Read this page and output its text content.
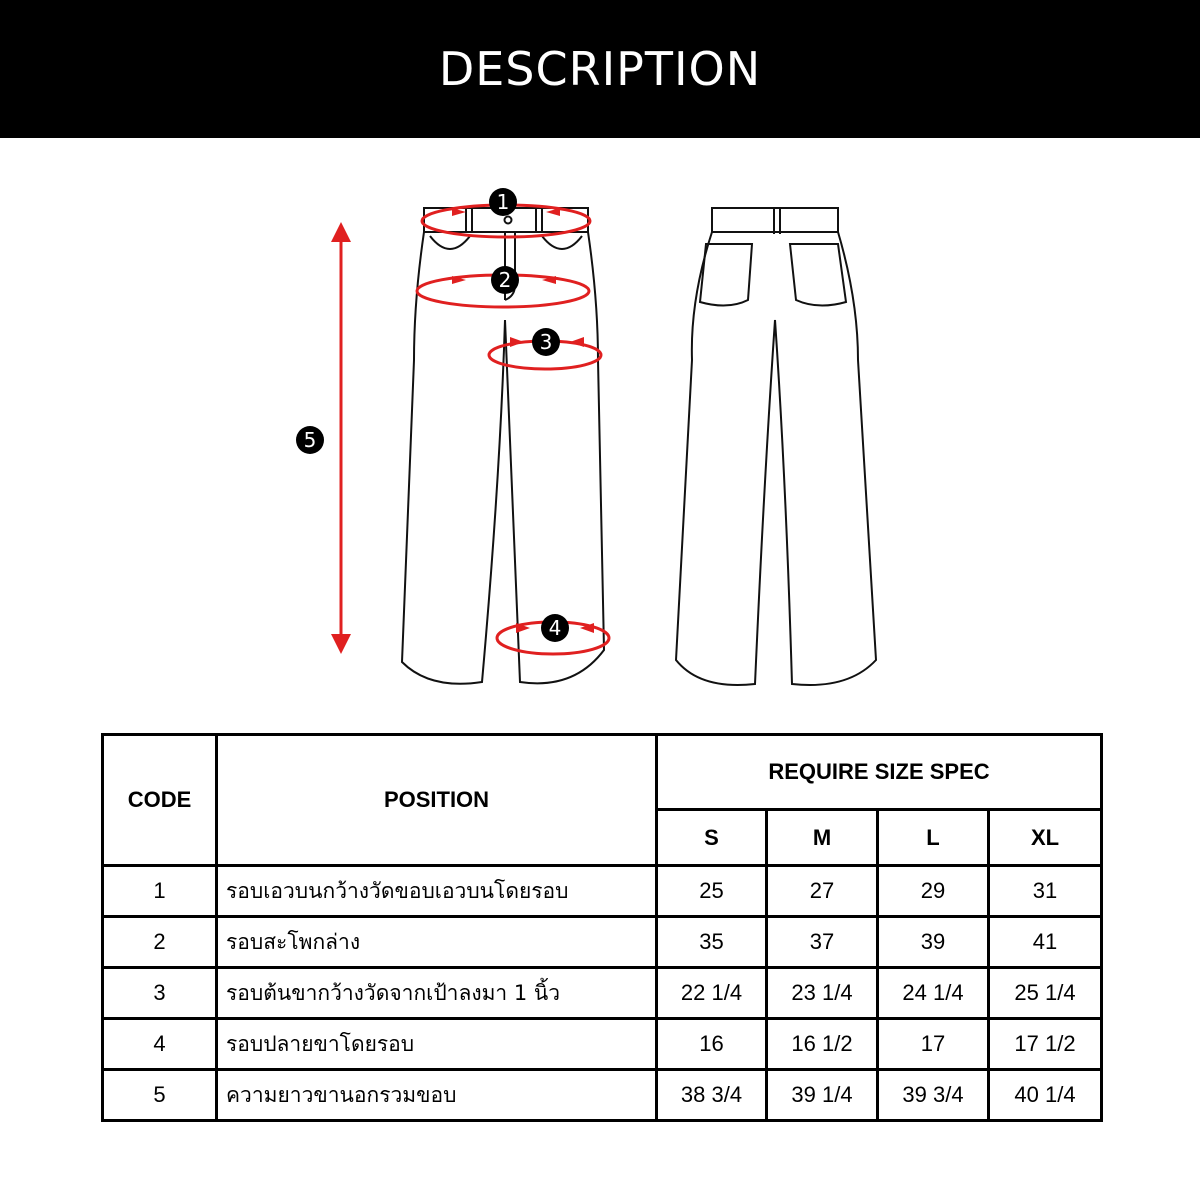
DESCRIPTION
1
2
3
4
5
CODE	POSITION	REQUIRE SIZE SPEC			
		S	M	L	XL
1	รอบเอวบนกว้างวัดขอบเอวบนโดยรอบ	25	27	29	31
2	รอบสะโพกล่าง	35	37	39	41
3	รอบต้นขากว้างวัดจากเป้าลงมา 1 นิ้ว	22 1/4	23 1/4	24 1/4	25 1/4
4	รอบปลายขาโดยรอบ	16	16 1/2	17	17 1/2
5	ความยาวขานอกรวมขอบ	38 3/4	39 1/4	39 3/4	40 1/4
